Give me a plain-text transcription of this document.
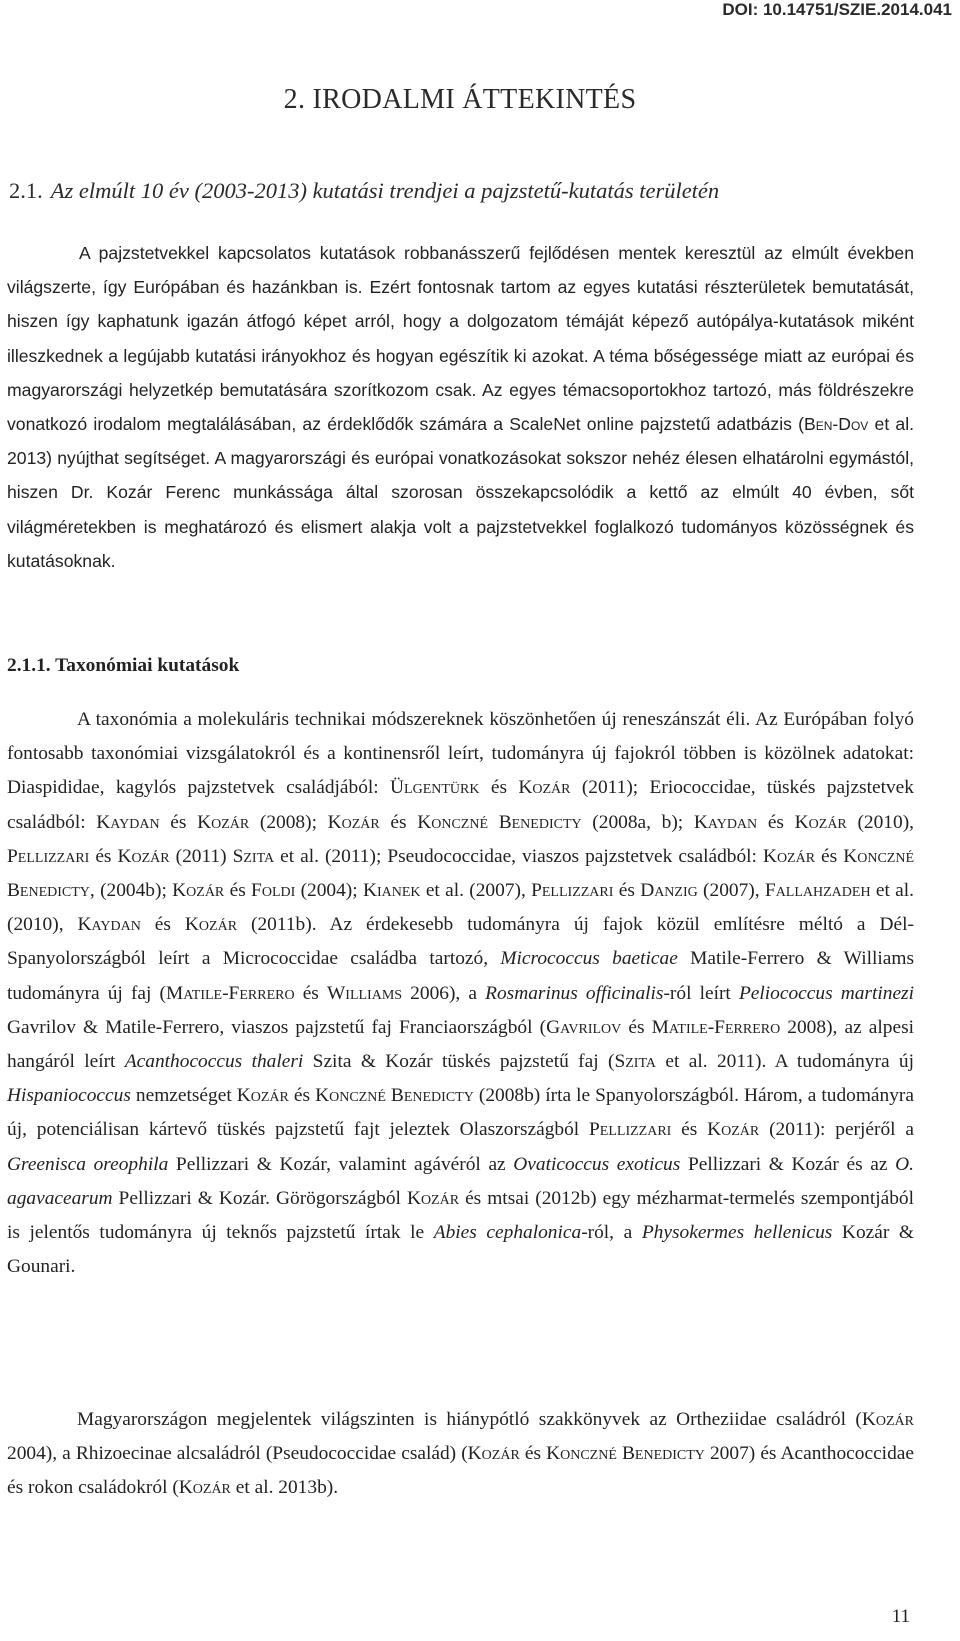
DOI: 10.14751/SZIE.2014.041
2. IRODALMI ÁTTEKINTÉS
2.1. Az elmúlt 10 év (2003-2013) kutatási trendjei a pajzstetű-kutatás területén

A pajzstetvekkel kapcsolatos kutatások robbanásszerű fejlődésen mentek keresztül az elmúlt években világszerte, így Európában és hazánkban is. Ezért fontosnak tartom az egyes kutatási részterületek bemutatását, hiszen így kaphatunk igazán átfogó képet arról, hogy a dolgozatom témáját képező autópálya-kutatások miként illeszkednek a legújabb kutatási irányokhoz és hogyan egészítik ki azokat. A téma bőségessége miatt az európai és magyarországi helyzetkép bemutatására szorítkozom csak. Az egyes témacsoportokhoz tartozó, más földrészekre vonatkozó irodalom megtalálásában, az érdeklődők számára a ScaleNet online pajzstetű adatbázis (Ben-Dov et al. 2013) nyújthat segítséget. A magyarországi és európai vonatkozásokat sokszor nehéz élesen elhatárolni egymástól, hiszen Dr. Kozár Ferenc munkássága által szorosan összekapcsolódik a kettő az elmúlt 40 évben, sőt világméretekben is meghatározó és elismert alakja volt a pajzstetvekkel foglalkozó tudományos közösségnek és kutatásoknak.

2.1.1. Taxonómiai kutatások

A taxonómia a molekuláris technikai módszereknek köszönhetően új reneszánszát éli. Az Európában folyó fontosabb taxonómiai vizsgálatokról és a kontinensről leírt, tudományra új fajokról többen is közölnek adatokat: Diaspididae, kagylós pajzstetvek családjából: Ülgentürk és Kozár (2011); Eriococcidae, tüskés pajzstetvek családból: Kaydan és Kozár (2008); Kozár és Konczné Benedicty (2008a, b); Kaydan és Kozár (2010), Pellizzari és Kozár (2011) Szita et al. (2011); Pseudococcidae, viaszos pajzstetvek családból: Kozár és Konczné Benedicty, (2004b); Kozár és Foldi (2004); Kianek et al. (2007), Pellizzari és Danzig (2007), Fallahzadeh et al. (2010), Kaydan és Kozár (2011b). Az érdekesebb tudományra új fajok közül említésre méltó a Dél-Spanyolországból leírt a Micrococcidae családba tartozó, Micrococcus baeticae Matile-Ferrero & Williams tudományra új faj (Matile-Ferrero és Williams 2006), a Rosmarinus officinalis-ról leírt Peliococcus martinezi Gavrilov & Matile-Ferrero, viaszos pajzstetű faj Franciaországból (Gavrilov és Matile-Ferrero 2008), az alpesi hangáról leírt Acanthococcus thaleri Szita & Kozár tüskés pajzstetű faj (Szita et al. 2011). A tudományra új Hispaniococcus nemzetséget Kozár és Konczné Benedicty (2008b) írta le Spanyolországból. Három, a tudományra új, potenciálisan kártevő tüskés pajzstetű fajt jeleztek Olaszországból Pellizzari és Kozár (2011): perjéről a Greenisca oreophila Pellizzari & Kozár, valamint agávéról az Ovaticoccus exoticus Pellizzari & Kozár és az O. agavacearum Pellizzari & Kozár. Görögországból Kozár és mtsai (2012b) egy mézharmat-termelés szempontjából is jelentős tudományra új teknős pajzstetű írtak le Abies cephalonica-ról, a Physokermes hellenicus Kozár & Gounari.

Magyarországon megjelentek világszinten is hiánypótló szakkönyvek az Ortheziidae családról (Kozár 2004), a Rhizoecinae alcsaládról (Pseudococcidae család) (Kozár és Konczné Benedicty 2007) és Acanthococcidae és rokon családokról (Kozár et al. 2013b).

11
